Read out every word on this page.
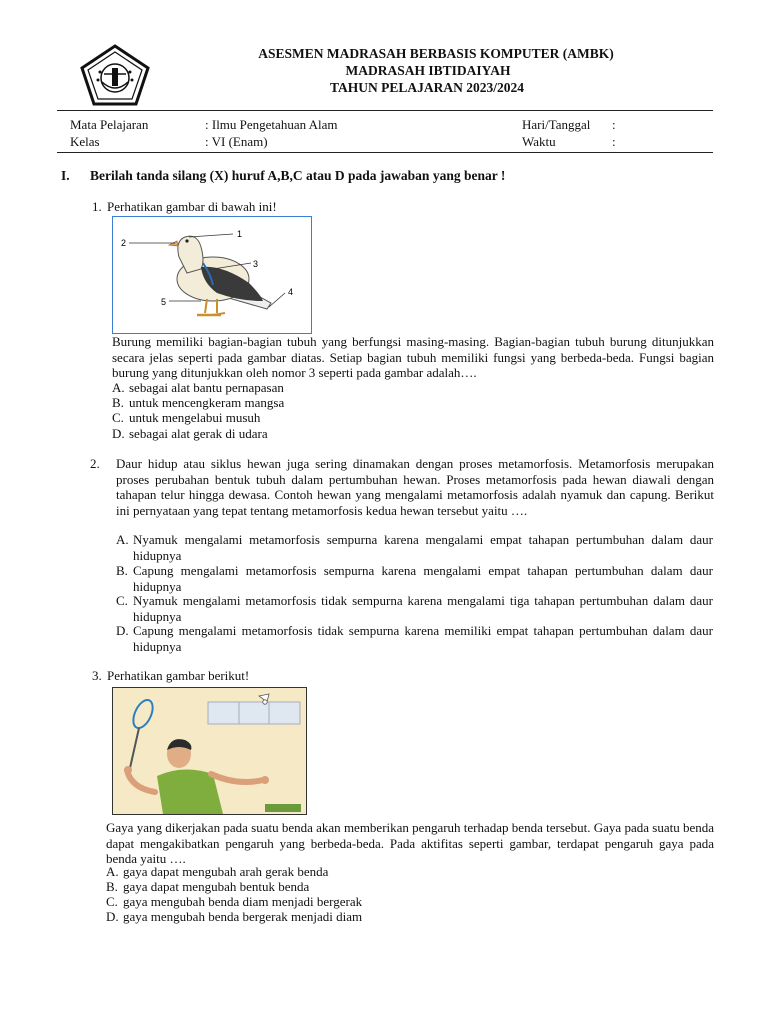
ASESMEN MADRASAH BERBASIS KOMPUTER (AMBK)
MADRASAH IBTIDAIYAH
TAHUN PELAJARAN 2023/2024
Mata Pelajaran	: Ilmu Pengetahuan Alam
Kelas	: VI (Enam)
Hari/Tanggal :
Waktu	:
I. Berilah tanda silang (X) huruf A,B,C atau D pada jawaban yang benar !
1. Perhatikan gambar di bawah ini!
1
2
3
4
5
Burung memiliki bagian-bagian tubuh yang berfungsi masing-masing. Bagian-bagian tubuh burung ditunjukkan secara jelas seperti pada gambar diatas. Setiap bagian tubuh memiliki fungsi yang berbeda-beda. Fungsi bagian burung yang ditunjukkan oleh nomor 3 seperti pada gambar adalah….
A. sebagai alat bantu pernapasan
B. untuk mencengkeram mangsa
C. untuk mengelabui musuh
D. sebagai alat gerak di udara
2. Daur hidup atau siklus hewan juga sering dinamakan dengan proses metamorfosis. Metamorfosis merupakan proses perubahan bentuk tubuh dalam pertumbuhan hewan. Proses metamorfosis pada hewan diawali dengan tahapan telur hingga dewasa. Contoh hewan yang mengalami metamorfosis adalah nyamuk dan capung. Berikut ini pernyataan yang tepat tentang metamorfosis kedua hewan tersebut yaitu ….
A. Nyamuk mengalami metamorfosis sempurna karena mengalami empat tahapan pertumbuhan dalam daur hidupnya
B. Capung mengalami metamorfosis sempurna karena mengalami empat tahapan pertumbuhan dalam daur hidupnya
C. Nyamuk mengalami metamorfosis tidak sempurna karena mengalami tiga tahapan pertumbuhan dalam daur hidupnya
D. Capung mengalami metamorfosis tidak sempurna karena memiliki empat tahapan pertumbuhan dalam daur hidupnya
3. Perhatikan gambar berikut!
Gaya yang dikerjakan pada suatu benda akan memberikan pengaruh terhadap benda tersebut. Gaya pada suatu benda dapat mengakibatkan pengaruh yang berbeda-beda. Pada aktifitas seperti gambar, terdapat pengaruh gaya pada benda yaitu ….
A. gaya dapat mengubah arah gerak benda
B. gaya dapat mengubah bentuk benda
C. gaya mengubah benda diam menjadi bergerak
D. gaya mengubah benda bergerak menjadi diam
